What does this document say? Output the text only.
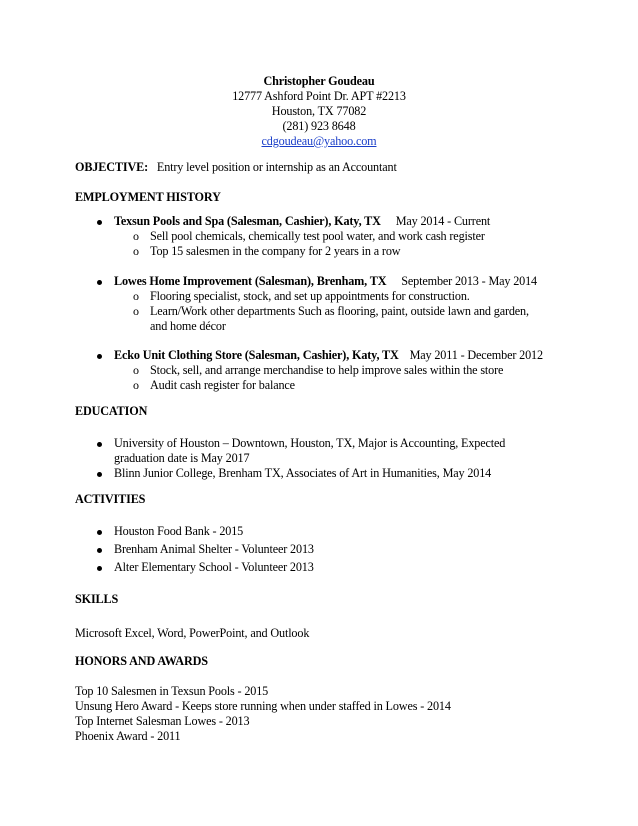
Christopher Goudeau
12777 Ashford Point Dr. APT #2213
Houston, TX 77082
(281) 923 8648
cdgoudeau@yahoo.com
OBJECTIVE: Entry level position or internship as an Accountant
EMPLOYMENT HISTORY
Texsun Pools and Spa (Salesman, Cashier), Katy, TX May 2014 - Current
o Sell pool chemicals, chemically test pool water, and work cash register
o Top 15 salesmen in the company for 2 years in a row
Lowes Home Improvement (Salesman), Brenham, TX September 2013 - May 2014
o Flooring specialist, stock, and set up appointments for construction.
o Learn/Work other departments Such as flooring, paint, outside lawn and garden,
and home décor
Ecko Unit Clothing Store (Salesman, Cashier), Katy, TX May 2011 - December 2012
o Stock, sell, and arrange merchandise to help improve sales within the store
o Audit cash register for balance
EDUCATION
University of Houston – Downtown, Houston, TX, Major is Accounting, Expected
graduation date is May 2017
Blinn Junior College, Brenham TX, Associates of Art in Humanities, May 2014
ACTIVITIES
Houston Food Bank - 2015
Brenham Animal Shelter - Volunteer 2013
Alter Elementary School - Volunteer 2013
SKILLS
Microsoft Excel, Word, PowerPoint, and Outlook
HONORS AND AWARDS
Top 10 Salesmen in Texsun Pools - 2015
Unsung Hero Award - Keeps store running when under staffed in Lowes - 2014
Top Internet Salesman Lowes - 2013
Phoenix Award - 2011
